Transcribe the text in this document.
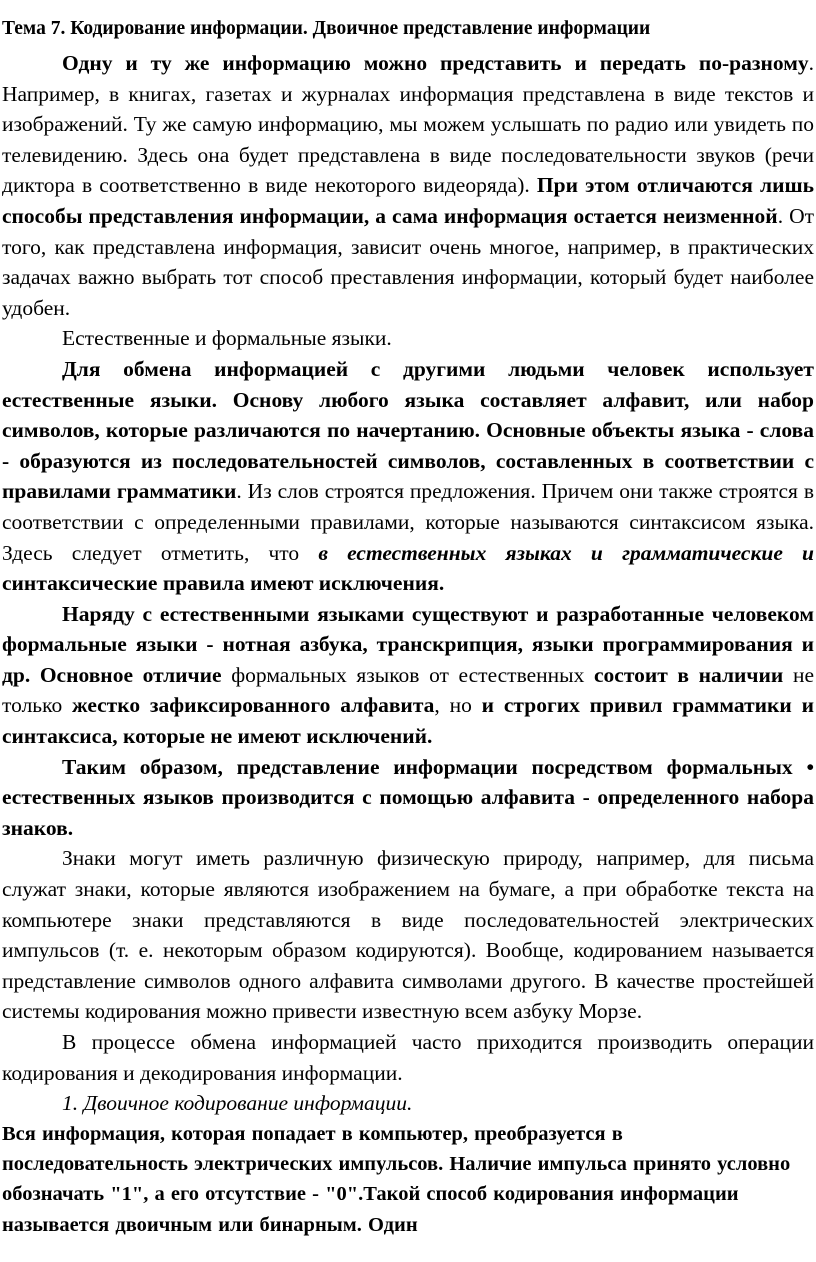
Тема 7. Кодирование информации. Двоичное представление информации

Одну и ту же информацию можно представить и передать по-разному. Например, в книгах, газетах и журналах информация представлена в виде текстов и изображений. Ту же самую информацию, мы можем услышать по радио или увидеть по телевидению. Здесь она будет представлена в виде последовательности звуков (речи диктора в соответственно в виде некоторого видеоряда). При этом отличаются лишь способы представления информации, а сама информация остается неизменной. От того, как представлена информация, зависит очень многое, например, в практических задачах важно выбрать тот способ преставления информации, который будет наиболее удобен.

Естественные и формальные языки.

Для обмена информацией с другими людьми человек использует естественные языки. Основу любого языка составляет алфавит, или набор символов, которые различаются по начертанию. Основные объекты языка - слова - образуются из последовательностей символов, составленных в соответствии с правилами грамматики. Из слов строятся предложения. Причем они также строятся в соответствии с определенными правилами, которые называются синтаксисом языка. Здесь следует отметить, что в естественных языках и грамматические и синтаксические правила имеют исключения.

Наряду с естественными языками существуют и разработанные человеком формальные языки - нотная азбука, транскрипция, языки программирования и др. Основное отличие формальных языков от естественных состоит в наличии не только жестко зафиксированного алфавита, но и строгих привил грамматики и синтаксиса, которые не имеют исключений.

Таким образом, представление информации посредством формальных • естественных языков производится с помощью алфавита - определенного набора знаков.

Знаки могут иметь различную физическую природу, например, для письма служат знаки, которые являются изображением на бумаге, а при обработке текста на компьютере знаки представляются в виде последовательностей электрических импульсов (т. е. некоторым образом кодируются). Вообще, кодированием называется представление символов одного алфавита символами другого. В качестве простейшей системы кодирования можно привести известную всем азбуку Морзе.

В процессе обмена информацией часто приходится производить операции кодирования и декодирования информации.

1. Двоичное кодирование информации.

Вся информация, которая попадает в компьютер, преобразуется в последовательность электрических импульсов. Наличие импульса принято условно обозначать "1", а его отсутствие - "0".Такой способ кодирования информации называется двоичным или бинарным. Один
